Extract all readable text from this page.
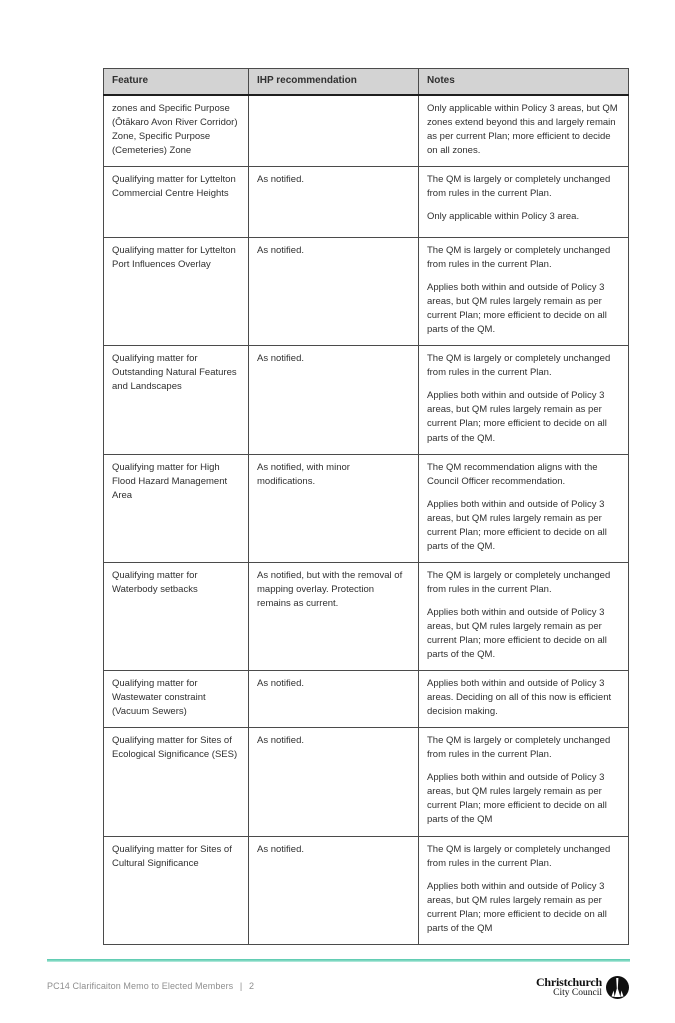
Feature	IHP recommendation	Notes
zones and Specific Purpose (Ōtākaro Avon River Corridor) Zone, Specific Purpose (Cemeteries) Zone		Only applicable within Policy 3 areas, but QM zones extend beyond this and largely remain as per current Plan; more efficient to decide on all zones.

Qualifying matter for Lyttelton Commercial Centre Heights	As notified.	The QM is largely or completely unchanged from rules in the current Plan.

Only applicable within Policy 3 area.

Qualifying matter for Lyttelton Port Influences Overlay	As notified.	The QM is largely or completely unchanged from rules in the current Plan.

Applies both within and outside of Policy 3 areas, but QM rules largely remain as per current Plan; more efficient to decide on all parts of the QM.

Qualifying matter for Outstanding Natural Features and Landscapes	As notified.	The QM is largely or completely unchanged from rules in the current Plan.

Applies both within and outside of Policy 3 areas, but QM rules largely remain as per current Plan; more efficient to decide on all parts of the QM.

Qualifying matter for High Flood Hazard Management Area	As notified, with minor modifications.	The QM recommendation aligns with the Council Officer recommendation.

Applies both within and outside of Policy 3 areas, but QM rules largely remain as per current Plan; more efficient to decide on all parts of the QM.

Qualifying matter for Waterbody setbacks	As notified, but with the removal of mapping overlay. Protection remains as current.	The QM is largely or completely unchanged from rules in the current Plan.

Applies both within and outside of Policy 3 areas, but QM rules largely remain as per current Plan; more efficient to decide on all parts of the QM.

Qualifying matter for Wastewater constraint (Vacuum Sewers)	As notified.	Applies both within and outside of Policy 3 areas. Deciding on all of this now is efficient decision making.

Qualifying matter for Sites of Ecological Significance (SES)	As notified.	The QM is largely or completely unchanged from rules in the current Plan.

Applies both within and outside of Policy 3 areas, but QM rules largely remain as per current Plan; more efficient to decide on all parts of the QM

Qualifying matter for Sites of Cultural Significance	As notified.	The QM is largely or completely unchanged from rules in the current Plan.

Applies both within and outside of Policy 3 areas, but QM rules largely remain as per current Plan; more efficient to decide on all parts of the QM

PC14 Clarificaiton Memo to Elected Members | 2	Christchurch
City Council
